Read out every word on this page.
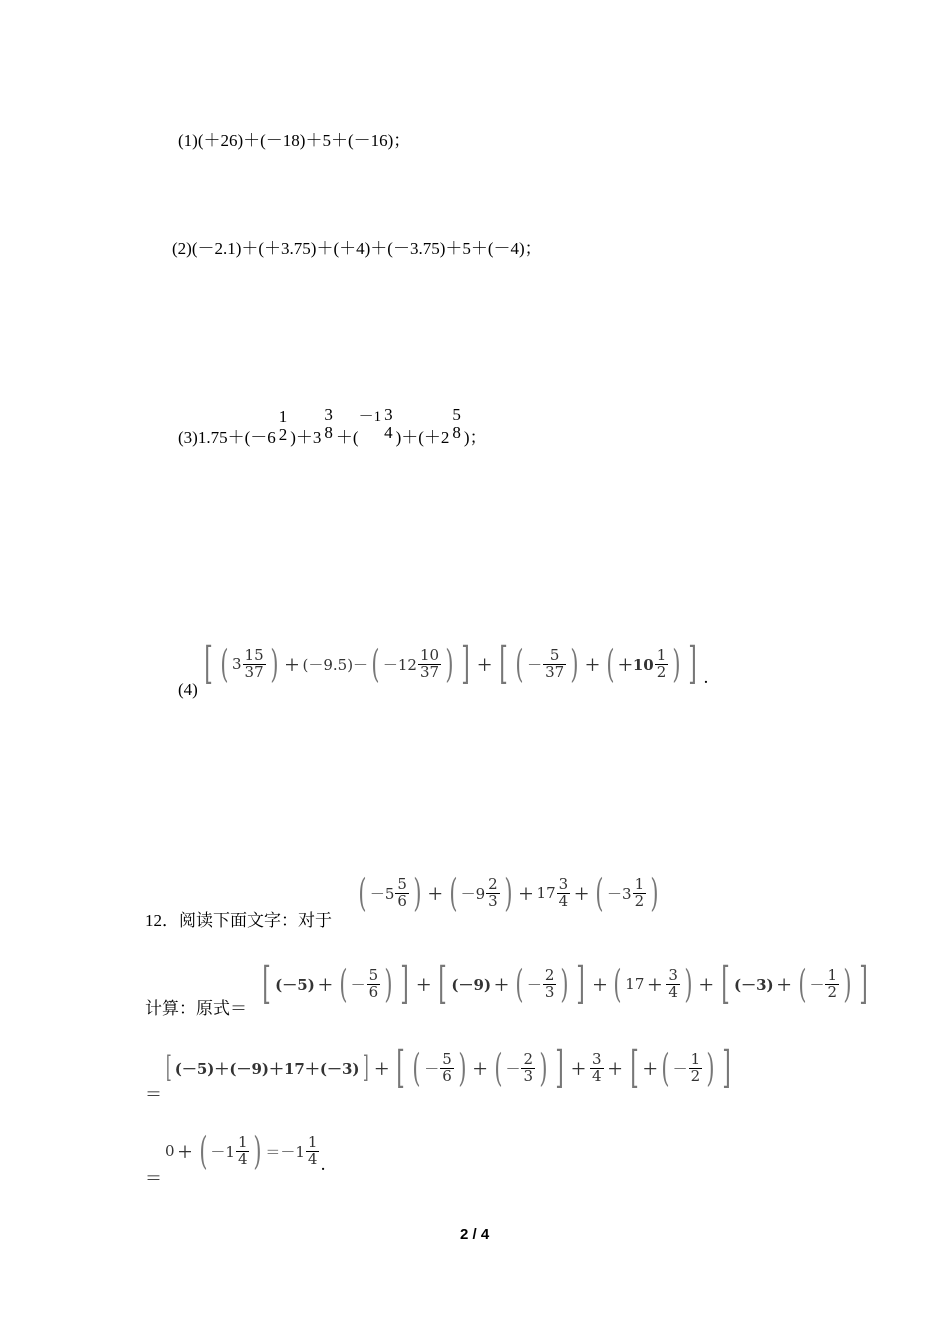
(1)(＋26)＋(－18)＋5＋(－16)；
(2)(－2.1)＋(＋3.75)＋(＋4)＋(－3.75)＋5＋(－4)；
(3)1.75＋(－6
1
2 )＋3
3
8 ＋(
－1 3
4 )＋(＋2
5
8 )；
(4)
[ ( $3 \frac{15}{37}$ ) ＋ (－9.5)－ ( $-12 \frac{10}{37}$ ) ] ＋ [ ( － $\frac{5}{37}$ ) ＋ ( $+10 \frac{1}{2}$ ) ] .
12．阅读下面文字：对于
( $-5 \frac{5}{6}$ ) ＋ ( $-9 \frac{2}{3}$ ) ＋ $17 \frac{3}{4}$ ＋ ( $-3 \frac{1}{2}$ )
计算：原式＝ [ (－5) ＋ ( － $\frac{5}{6}$ ) ] ＋ [ (－9) ＋ ( － $\frac{2}{3}$ ) ] ＋ ( $17 + \frac{3}{4}$ ) ＋ [ (－3) ＋ ( － $\frac{1}{2}$ ) ]
＝
[ (－5)＋(－9)＋17＋(－3) ] ＋ [ ( － $\frac{5}{6}$ ) ＋ ( － $\frac{2}{3}$ ) ] ＋ $\frac{3}{4}$ ＋ [ ＋ ( － $\frac{1}{2}$ ) ]
＝
0 ＋ ( $-1 \frac{1}{4}$ ) $=-1 \frac{1}{4}$ .
2 / 4
